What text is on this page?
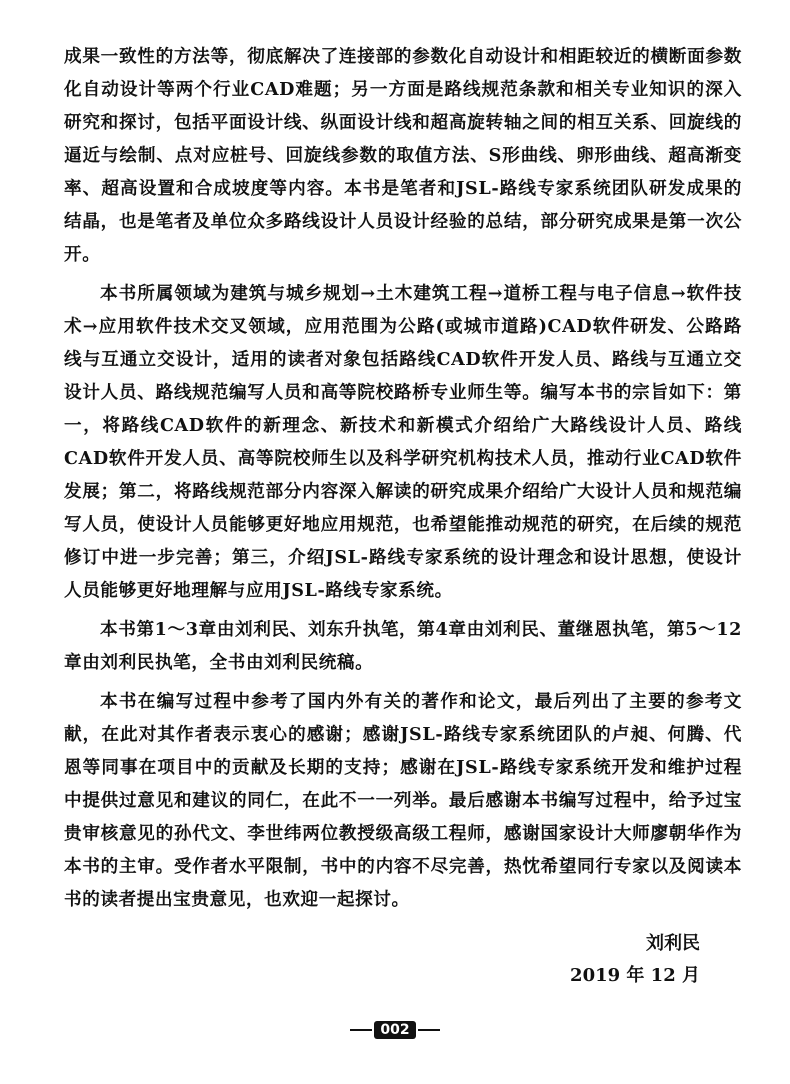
成果一致性的方法等，彻底解决了连接部的参数化自动设计和相距较近的横断面参数化自动设计等两个行业CAD难题；另一方面是路线规范条款和相关专业知识的深入研究和探讨，包括平面设计线、纵面设计线和超高旋转轴之间的相互关系、回旋线的逼近与绘制、点对应桩号、回旋线参数的取值方法、S形曲线、卵形曲线、超高渐变率、超高设置和合成坡度等内容。本书是笔者和JSL-路线专家系统团队研发成果的结晶，也是笔者及单位众多路线设计人员设计经验的总结，部分研究成果是第一次公开。

本书所属领域为建筑与城乡规划→土木建筑工程→道桥工程与电子信息→软件技术→应用软件技术交叉领域，应用范围为公路(或城市道路)CAD软件研发、公路路线与互通立交设计，适用的读者对象包括路线CAD软件开发人员、路线与互通立交设计人员、路线规范编写人员和高等院校路桥专业师生等。编写本书的宗旨如下：第一，将路线CAD软件的新理念、新技术和新模式介绍给广大路线设计人员、路线CAD软件开发人员、高等院校师生以及科学研究机构技术人员，推动行业CAD软件发展；第二，将路线规范部分内容深入解读的研究成果介绍给广大设计人员和规范编写人员，使设计人员能够更好地应用规范，也希望能推动规范的研究，在后续的规范修订中进一步完善；第三，介绍JSL-路线专家系统的设计理念和设计思想，使设计人员能够更好地理解与应用JSL-路线专家系统。

本书第1～3章由刘利民、刘东升执笔，第4章由刘利民、董继恩执笔，第5～12章由刘利民执笔，全书由刘利民统稿。

本书在编写过程中参考了国内外有关的著作和论文，最后列出了主要的参考文献，在此对其作者表示衷心的感谢；感谢JSL-路线专家系统团队的卢昶、何腾、代恩等同事在项目中的贡献及长期的支持；感谢在JSL-路线专家系统开发和维护过程中提供过意见和建议的同仁，在此不一一列举。最后感谢本书编写过程中，给予过宝贵审核意见的孙代文、李世纬两位教授级高级工程师，感谢国家设计大师廖朝华作为本书的主审。受作者水平限制，书中的内容不尽完善，热忱希望同行专家以及阅读本书的读者提出宝贵意见，也欢迎一起探讨。

刘利民
2019 年 12 月
002
